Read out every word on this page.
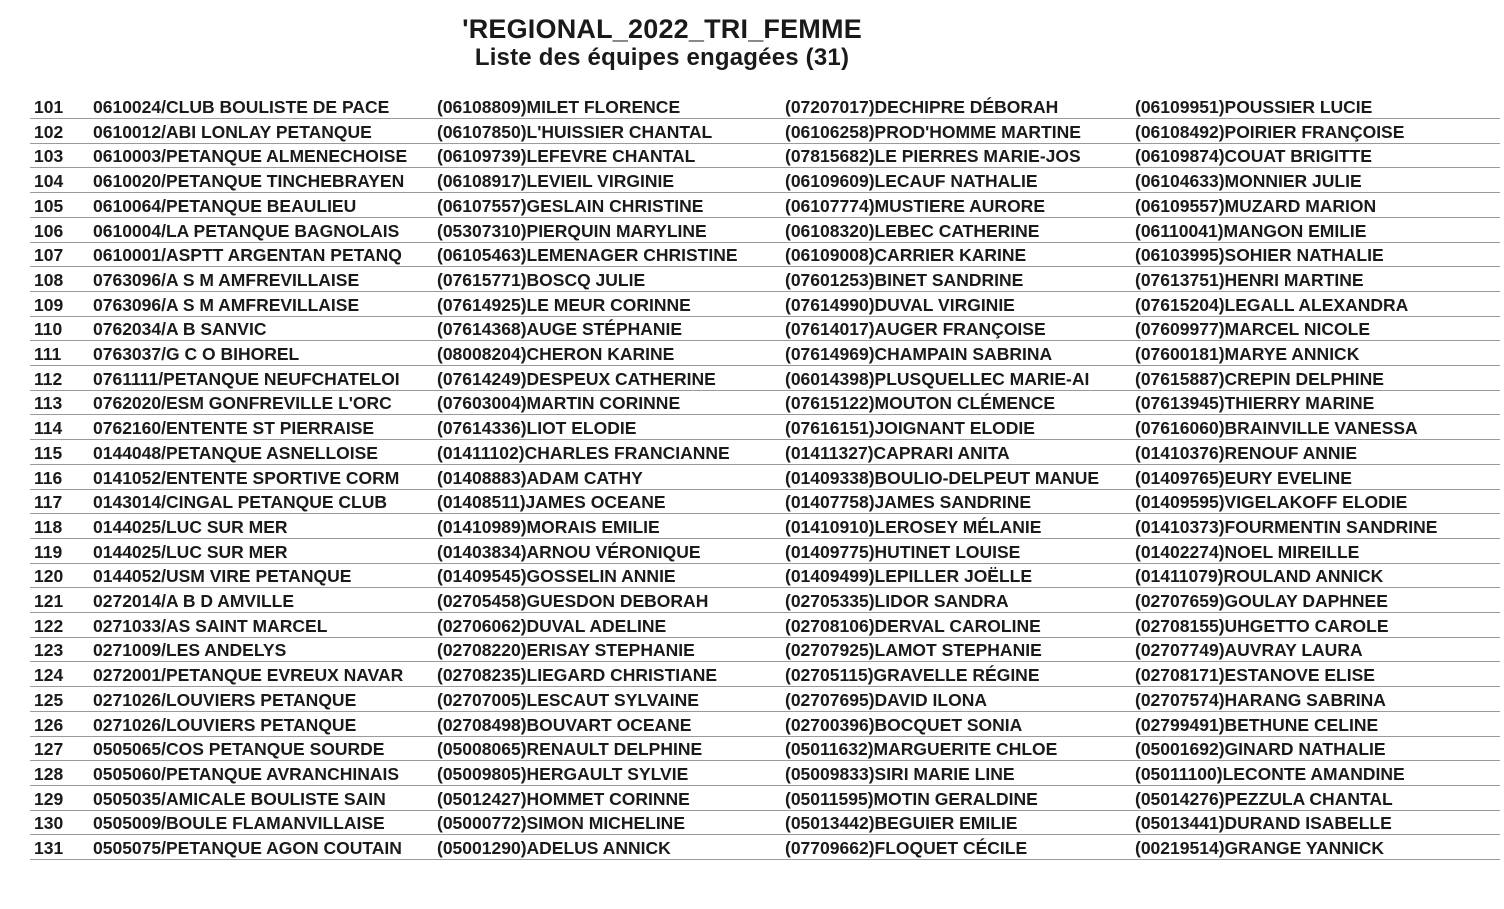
'REGIONAL_2022_TRI_FEMME
Liste des équipes engagées (31)
101	0610024/CLUB BOULISTE DE PACE	(06108809)MILET FLORENCE	(07207017)DECHIPRE DÉBORAH	(06109951)POUSSIER LUCIE
102	0610012/ABI LONLAY PETANQUE	(06107850)L'HUISSIER CHANTAL	(06106258)PROD'HOMME MARTINE	(06108492)POIRIER FRANÇOISE
103	0610003/PETANQUE ALMENECHOISE	(06109739)LEFEVRE CHANTAL	(07815682)LE PIERRES MARIE-JOS	(06109874)COUAT BRIGITTE
104	0610020/PETANQUE TINCHEBRAYEN	(06108917)LEVIEIL VIRGINIE	(06109609)LECAUF NATHALIE	(06104633)MONNIER JULIE
105	0610064/PETANQUE BEAULIEU	(06107557)GESLAIN CHRISTINE	(06107774)MUSTIERE AURORE	(06109557)MUZARD MARION
106	0610004/LA PETANQUE BAGNOLAIS	(05307310)PIERQUIN MARYLINE	(06108320)LEBEC CATHERINE	(06110041)MANGON EMILIE
107	0610001/ASPTT ARGENTAN PETANQ	(06105463)LEMENAGER CHRISTINE	(06109008)CARRIER KARINE	(06103995)SOHIER NATHALIE
108	0763096/A S M AMFREVILLAISE	(07615771)BOSCQ JULIE	(07601253)BINET SANDRINE	(07613751)HENRI MARTINE
109	0763096/A S M AMFREVILLAISE	(07614925)LE MEUR CORINNE	(07614990)DUVAL VIRGINIE	(07615204)LEGALL ALEXANDRA
110	0762034/A B SANVIC	(07614368)AUGE STÉPHANIE	(07614017)AUGER FRANÇOISE	(07609977)MARCEL NICOLE
111	0763037/G C O BIHOREL	(08008204)CHERON KARINE	(07614969)CHAMPAIN SABRINA	(07600181)MARYE ANNICK
112	0761111/PETANQUE NEUFCHATELOI	(07614249)DESPEUX CATHERINE	(06014398)PLUSQUELLEC MARIE-AI	(07615887)CREPIN DELPHINE
113	0762020/ESM GONFREVILLE L'ORC	(07603004)MARTIN CORINNE	(07615122)MOUTON CLÉMENCE	(07613945)THIERRY MARINE
114	0762160/ENTENTE ST PIERRAISE	(07614336)LIOT ELODIE	(07616151)JOIGNANT ELODIE	(07616060)BRAINVILLE VANESSA
115	0144048/PETANQUE ASNELLOISE	(01411102)CHARLES FRANCIANNE	(01411327)CAPRARI ANITA	(01410376)RENOUF ANNIE
116	0141052/ENTENTE SPORTIVE CORM	(01408883)ADAM CATHY	(01409338)BOULIO-DELPEUT MANUE	(01409765)EURY EVELINE
117	0143014/CINGAL PETANQUE CLUB	(01408511)JAMES OCEANE	(01407758)JAMES SANDRINE	(01409595)VIGELAKOFF ELODIE
118	0144025/LUC SUR MER	(01410989)MORAIS EMILIE	(01410910)LEROSEY MÉLANIE	(01410373)FOURMENTIN SANDRINE
119	0144025/LUC SUR MER	(01403834)ARNOU VÉRONIQUE	(01409775)HUTINET LOUISE	(01402274)NOEL MIREILLE
120	0144052/USM VIRE PETANQUE	(01409545)GOSSELIN ANNIE	(01409499)LEPILLER JOËLLE	(01411079)ROULAND ANNICK
121	0272014/A B D AMVILLE	(02705458)GUESDON DEBORAH	(02705335)LIDOR SANDRA	(02707659)GOULAY DAPHNEE
122	0271033/AS SAINT MARCEL	(02706062)DUVAL ADELINE	(02708106)DERVAL CAROLINE	(02708155)UHGETTO CAROLE
123	0271009/LES ANDELYS	(02708220)ERISAY STEPHANIE	(02707925)LAMOT STEPHANIE	(02707749)AUVRAY LAURA
124	0272001/PETANQUE EVREUX NAVAR	(02708235)LIEGARD CHRISTIANE	(02705115)GRAVELLE RÉGINE	(02708171)ESTANOVE ELISE
125	0271026/LOUVIERS PETANQUE	(02707005)LESCAUT SYLVAINE	(02707695)DAVID ILONA	(02707574)HARANG SABRINA
126	0271026/LOUVIERS PETANQUE	(02708498)BOUVART OCEANE	(02700396)BOCQUET SONIA	(02799491)BETHUNE CELINE
127	0505065/COS PETANQUE SOURDE	(05008065)RENAULT DELPHINE	(05011632)MARGUERITE CHLOE	(05001692)GINARD NATHALIE
128	0505060/PETANQUE AVRANCHINAIS	(05009805)HERGAULT SYLVIE	(05009833)SIRI MARIE LINE	(05011100)LECONTE AMANDINE
129	0505035/AMICALE BOULISTE SAIN	(05012427)HOMMET CORINNE	(05011595)MOTIN GERALDINE	(05014276)PEZZULA CHANTAL
130	0505009/BOULE FLAMANVILLAISE	(05000772)SIMON MICHELINE	(05013442)BEGUIER EMILIE	(05013441)DURAND ISABELLE
131	0505075/PETANQUE AGON COUTAIN	(05001290)ADELUS ANNICK	(07709662)FLOQUET CÉCILE	(00219514)GRANGE YANNICK
